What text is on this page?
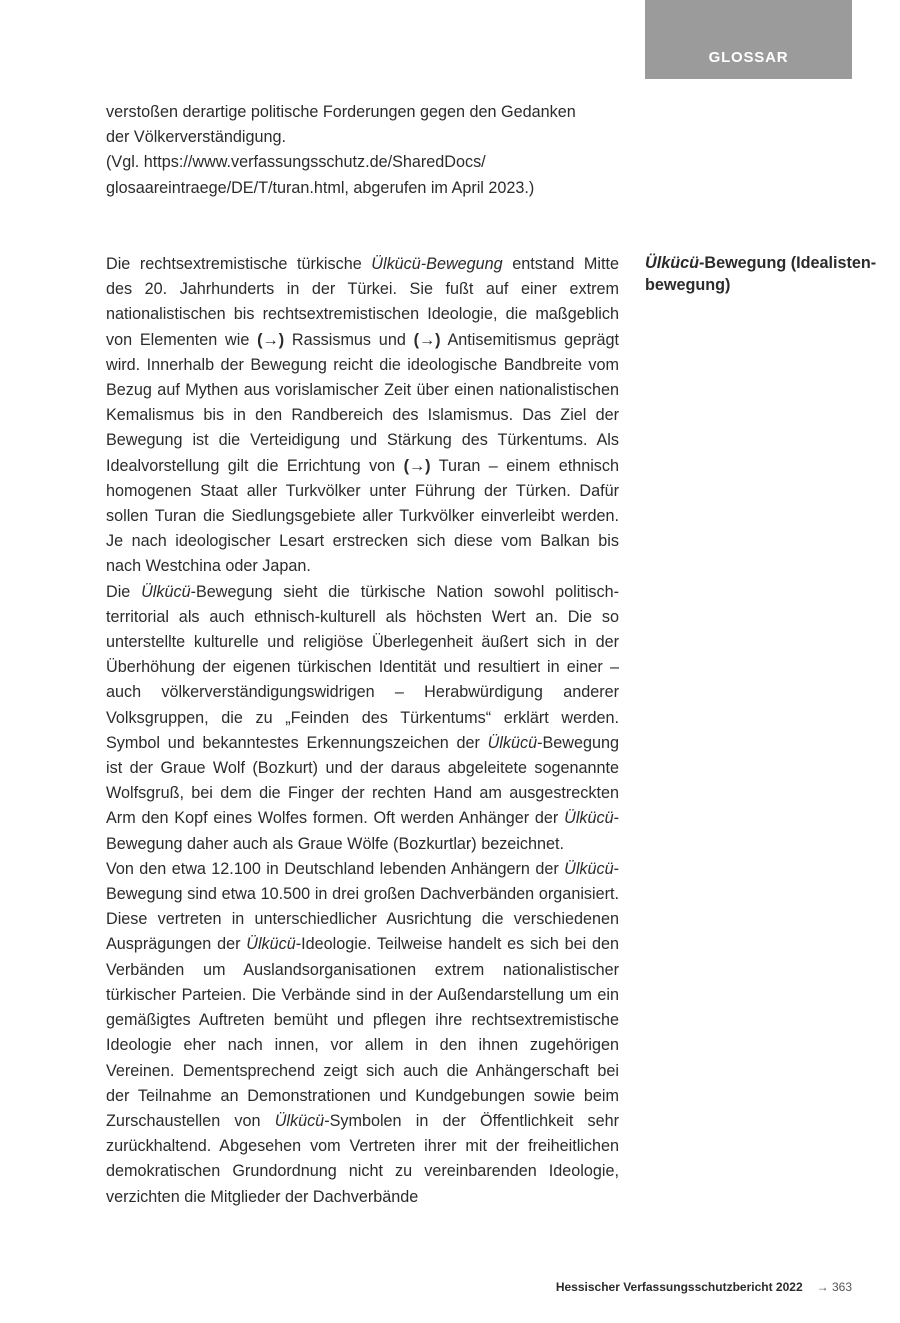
GLOSSAR

verstoßen derartige politische Forderungen gegen den Gedanken

der Völkerverständigung.

(Vgl. https://www.verfassungsschutz.de/SharedDocs/

glosaareintraege/DE/T/turan.html, abgerufen im April 2023.)

Ülkücü-Bewegung (Idealisten-bewegung)

Die rechtsextremistische türkische Ülkücü-Bewegung entstand Mitte des 20. Jahrhunderts in der Türkei. Sie fußt auf einer extrem nationalistischen bis rechtsextremistischen Ideologie, die maßgeblich von Elementen wie (→) Rassismus und (→) Antisemitismus geprägt wird. Innerhalb der Bewegung reicht die ideologische Bandbreite vom Bezug auf Mythen aus vorislamischer Zeit über einen nationalistischen Kemalismus bis in den Randbereich des Islamismus. Das Ziel der Bewegung ist die Verteidigung und Stärkung des Türkentums. Als Idealvorstellung gilt die Errichtung von (→) Turan – einem ethnisch homogenen Staat aller Turkvölker unter Führung der Türken. Dafür sollen Turan die Siedlungsgebiete aller Turkvölker einverleibt werden. Je nach ideologischer Lesart erstrecken sich diese vom Balkan bis nach Westchina oder Japan.

Die Ülkücü-Bewegung sieht die türkische Nation sowohl politisch-territorial als auch ethnisch-kulturell als höchsten Wert an. Die so unterstellte kulturelle und religiöse Überlegenheit äußert sich in der Überhöhung der eigenen türkischen Identität und resultiert in einer – auch völkerverständigungswidrigen – Herabwürdigung anderer Volksgruppen, die zu „Feinden des Türkentums“ erklärt werden. Symbol und bekanntestes Erkennungszeichen der Ülkücü-Bewegung ist der Graue Wolf (Bozkurt) und der daraus abgeleitete sogenannte Wolfsgruß, bei dem die Finger der rechten Hand am ausgestreckten Arm den Kopf eines Wolfes formen. Oft werden Anhänger der Ülkücü-Bewegung daher auch als Graue Wölfe (Bozkurtlar) bezeichnet.

Von den etwa 12.100 in Deutschland lebenden Anhängern der Ülkücü-Bewegung sind etwa 10.500 in drei großen Dachverbänden organisiert. Diese vertreten in unterschiedlicher Ausrichtung die verschiedenen Ausprägungen der Ülkücü-Ideologie. Teilweise handelt es sich bei den Verbänden um Auslandsorganisationen extrem nationalistischer türkischer Parteien. Die Verbände sind in der Außendarstellung um ein gemäßigtes Auftreten bemüht und pflegen ihre rechtsextremistische Ideologie eher nach innen, vor allem in den ihnen zugehörigen Vereinen. Dementsprechend zeigt sich auch die Anhängerschaft bei der Teilnahme an Demonstrationen und Kundgebungen sowie beim Zurschaustellen von Ülkücü-Symbolen in der Öffentlichkeit sehr zurückhaltend. Abgesehen vom Vertreten ihrer mit der freiheitlichen demokratischen Grundordnung nicht zu vereinbarenden Ideologie, verzichten die Mitglieder der Dachverbände

Hessischer Verfassungsschutzbericht 2022 → 363
